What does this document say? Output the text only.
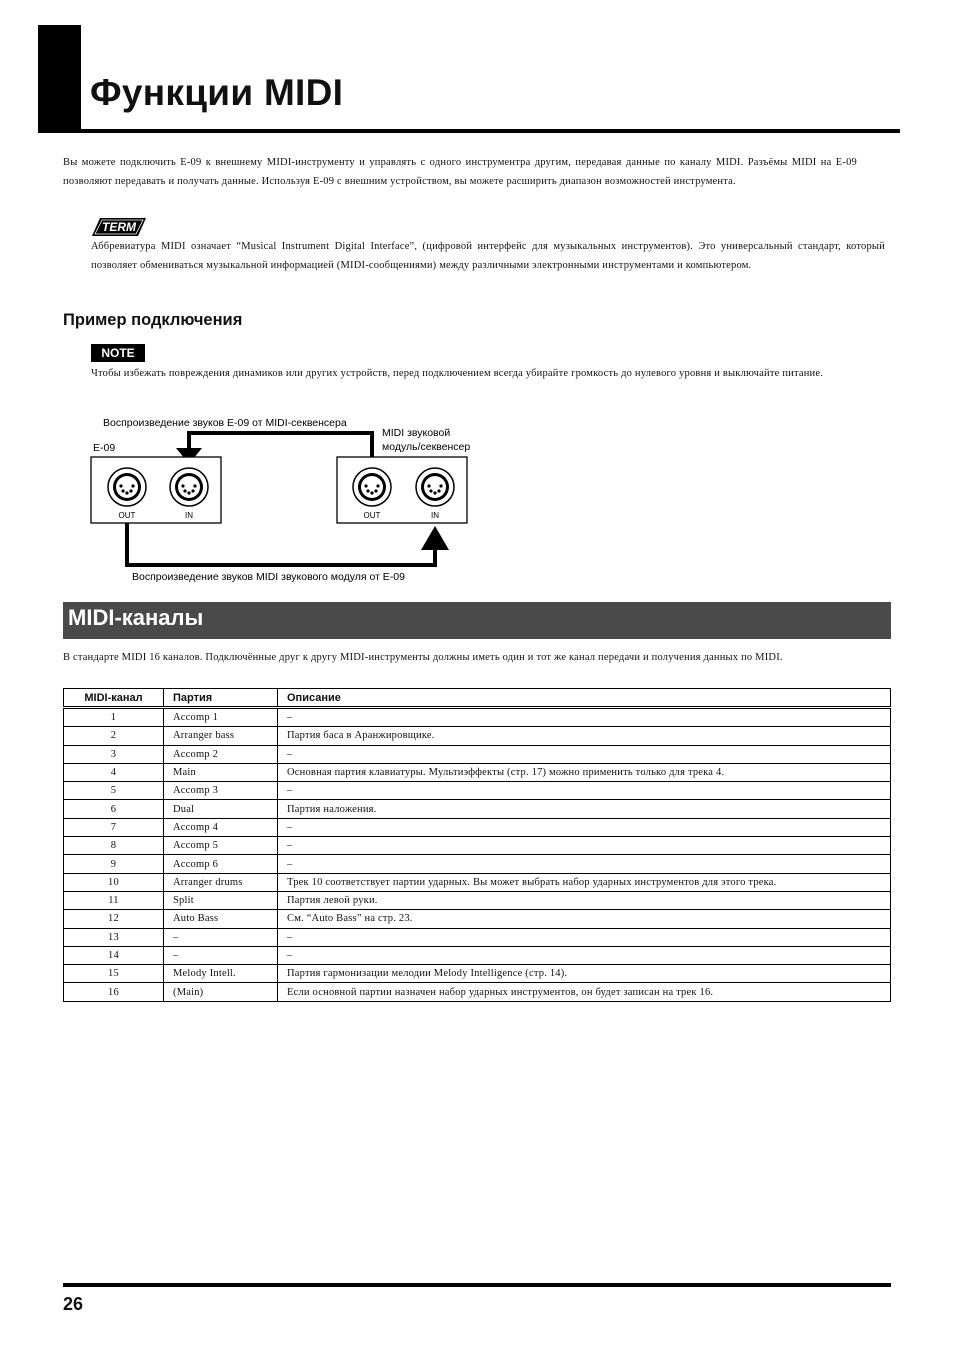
Функции MIDI

Вы можете подключить E-09 к внешнему MIDI-инструменту и управлять с одного инструментра другим, передавая данные по каналу MIDI. Разъёмы MIDI на E-09 позволяют передавать и получать данные. Используя E-09 с внешним устройством, вы можете расширить диапазон возможностей инструмента.

TERM

Аббревиатура MIDI означает “Musical Instrument Digital Interface”, (цифровой интерфейс для музыкальных инструментов). Это универсальный стандарт, который позволяет обмениваться музыкальной информацией (MIDI-сообщениями) между различными электронными инструментами и компьютером.

Пример подключения
NOTE

Чтобы избежать повреждения динамиков или других устройств, перед подключением всегда убирайте громкость до нулевого уровня и выключайте питание.

Воспроизведение звуков E-09 от MIDI-секвенсера
E-09
MIDI звуковой
модуль/секвенсер
OUT	IN	OUT	IN
Воспроизведение звуков MIDI звукового модуля от E-09
MIDI-каналы

В стандарте MIDI 16 каналов. Подключённые друг к другу MIDI-инструменты должны иметь один и тот же канал передачи и получения данных по MIDI.

MIDI-канал	Партия	Описание
1	Accomp 1	–
2	Arranger bass	Партия баса в Аранжировщике.
3	Accomp 2	–
4	Main	Основная партия клавиатуры. Мультиэффекты (стр. 17) можно применить только для трека 4.
5	Accomp 3	–
6	Dual	Партия наложения.
7	Accomp 4	–
8	Accomp 5	–
9	Accomp 6	–
10	Arranger drums	Трек 10 соответствует партии ударных. Вы может выбрать набор ударных инструментов для этого трека.
11	Split	Партия левой руки.
12	Auto Bass	См. “Auto Bass” на стр. 23.
13	–	–
14	–	–
15	Melody Intell.	Партия гармонизации мелодии Melody Intelligence (стр. 14).
16	(Main)	Если основной партии назначен набор ударных инструментов, он будет записан на трек 16.
26
